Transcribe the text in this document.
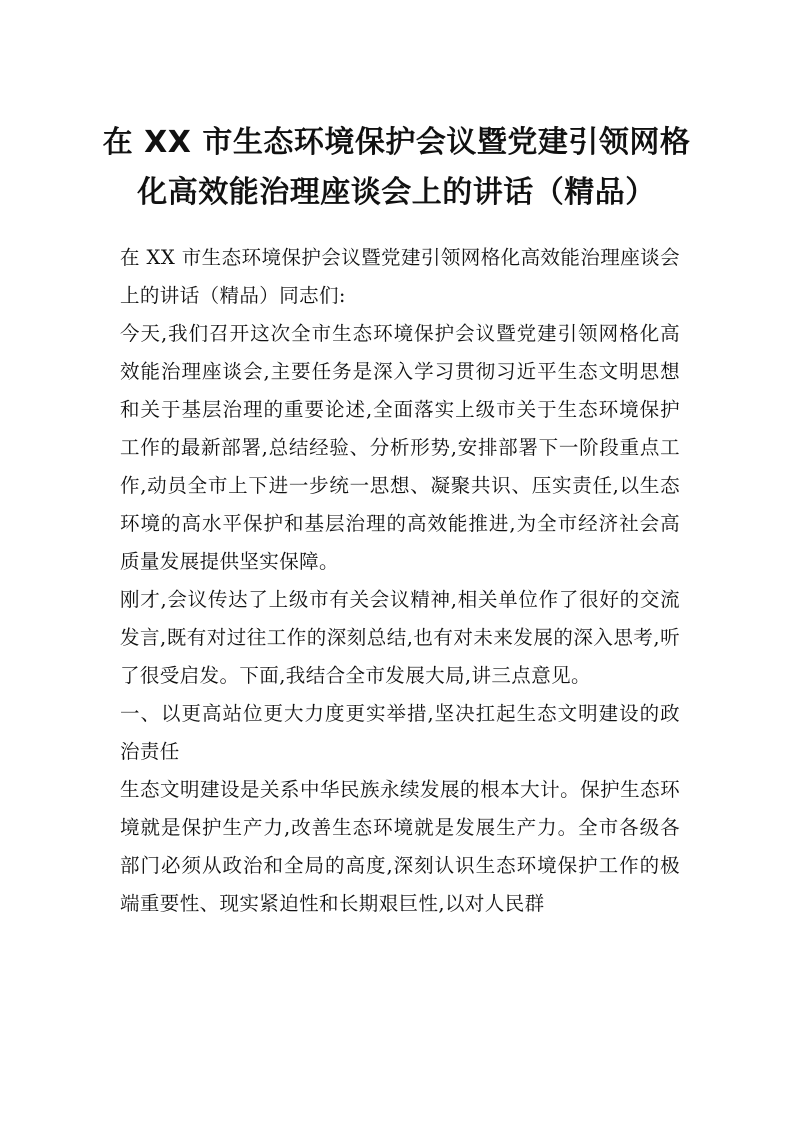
在 XX 市生态环境保护会议暨党建引领网格
化高效能治理座谈会上的讲话（精品）

在 XX 市生态环境保护会议暨党建引领网格化高效能治理座谈会上的讲话（精品）同志们:

今天,我们召开这次全市生态环境保护会议暨党建引领网格化高效能治理座谈会,主要任务是深入学习贯彻习近平生态文明思想和关于基层治理的重要论述,全面落实上级市关于生态环境保护工作的最新部署,总结经验、分析形势,安排部署下一阶段重点工作,动员全市上下进一步统一思想、凝聚共识、压实责任,以生态环境的高水平保护和基层治理的高效能推进,为全市经济社会高质量发展提供坚实保障。

刚才,会议传达了上级市有关会议精神,相关单位作了很好的交流发言,既有对过往工作的深刻总结,也有对未来发展的深入思考,听了很受启发。下面,我结合全市发展大局,讲三点意见。

一、以更高站位更大力度更实举措,坚决扛起生态文明建设的政治责任

生态文明建设是关系中华民族永续发展的根本大计。保护生态环境就是保护生产力,改善生态环境就是发展生产力。全市各级各部门必须从政治和全局的高度,深刻认识生态环境保护工作的极端重要性、现实紧迫性和长期艰巨性,以对人民群
